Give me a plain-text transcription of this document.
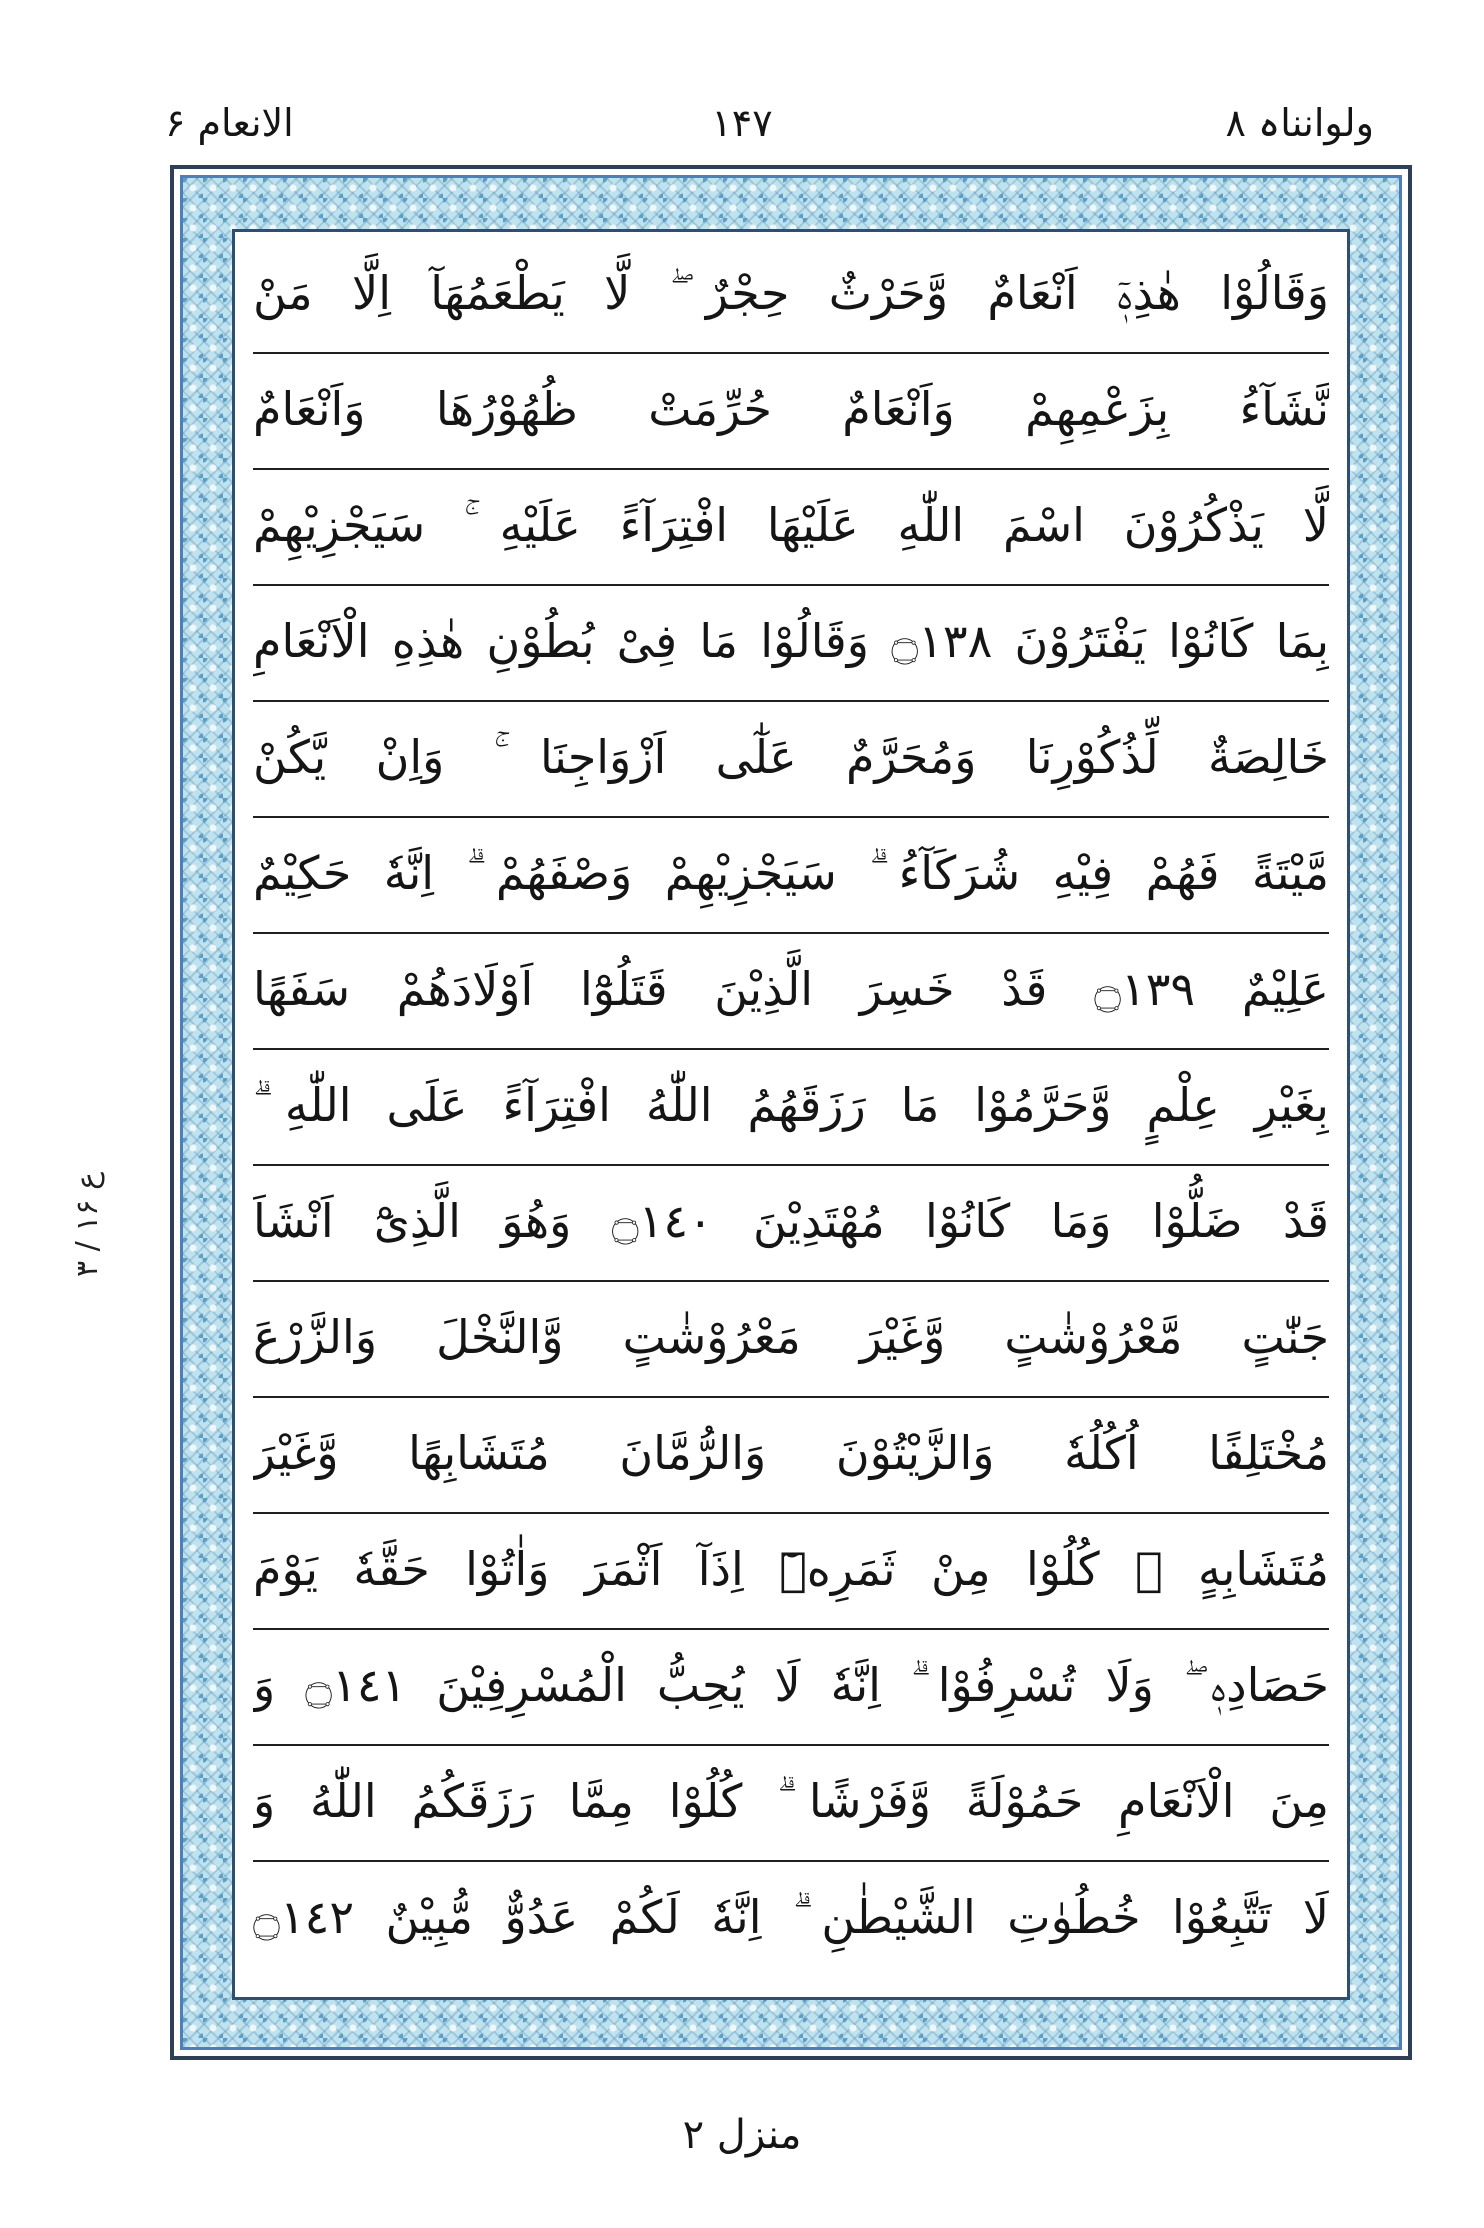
ولوانناہ ۸
۱۴۷
الانعام ۶
ع ۱۶ / ۳
وَقَالُوْا هٰذِهٖٓ اَنْعَامٌ وَّحَرْثٌ حِجْرٌ ۖ لَّا يَطْعَمُهَآ اِلَّا مَنْ
نَّشَآءُ بِزَعْمِهِمْ وَاَنْعَامٌ حُرِّمَتْ ظُهُوْرُهَا وَاَنْعَامٌ
لَّا يَذْكُرُوْنَ اسْمَ اللّٰهِ عَلَيْهَا افْتِرَآءً عَلَيْهِ ۚ سَيَجْزِيْهِمْ
بِمَا كَانُوْا يَفْتَرُوْنَ ۝١٣٨ وَقَالُوْا مَا فِىْ بُطُوْنِ هٰذِهِ الْاَنْعَامِ
خَالِصَةٌ لِّذُكُوْرِنَا وَمُحَرَّمٌ عَلٰٓى اَزْوَاجِنَا ۚ وَاِنْ يَّكُنْ
مَّيْتَةً فَهُمْ فِيْهِ شُرَكَآءُ ۗ سَيَجْزِيْهِمْ وَصْفَهُمْ ۗ اِنَّهٗ حَكِيْمٌ
عَلِيْمٌ ۝١٣٩ قَدْ خَسِرَ الَّذِيْنَ قَتَلُوْٓا اَوْلَادَهُمْ سَفَهًا
بِغَيْرِ عِلْمٍ وَّحَرَّمُوْا مَا رَزَقَهُمُ اللّٰهُ افْتِرَآءً عَلَى اللّٰهِ ۗ
قَدْ ضَلُّوْا وَمَا كَانُوْا مُهْتَدِيْنَ ۝١٤٠ وَهُوَ الَّذِىْٓ اَنْشَاَ
جَنّٰتٍ مَّعْرُوْشٰتٍ وَّغَيْرَ مَعْرُوْشٰتٍ وَّالنَّخْلَ وَالزَّرْعَ
مُخْتَلِفًا اُكُلُهٗ وَالزَّيْتُوْنَ وَالرُّمَّانَ مُتَشَابِهًا وَّغَيْرَ
مُتَشَابِهٍ ۗ كُلُوْا مِنْ ثَمَرِهٖٓ اِذَآ اَثْمَرَ وَاٰتُوْا حَقَّهٗ يَوْمَ
حَصَادِهٖ ۖ وَلَا تُسْرِفُوْا ۗ اِنَّهٗ لَا يُحِبُّ الْمُسْرِفِيْنَ ۝١٤١ وَ
مِنَ الْاَنْعَامِ حَمُوْلَةً وَّفَرْشًا ۗ كُلُوْا مِمَّا رَزَقَكُمُ اللّٰهُ وَ
لَا تَتَّبِعُوْا خُطُوٰتِ الشَّيْطٰنِ ۗ اِنَّهٗ لَكُمْ عَدُوٌّ مُّبِيْنٌ ۝١٤٢
منزل ۲
